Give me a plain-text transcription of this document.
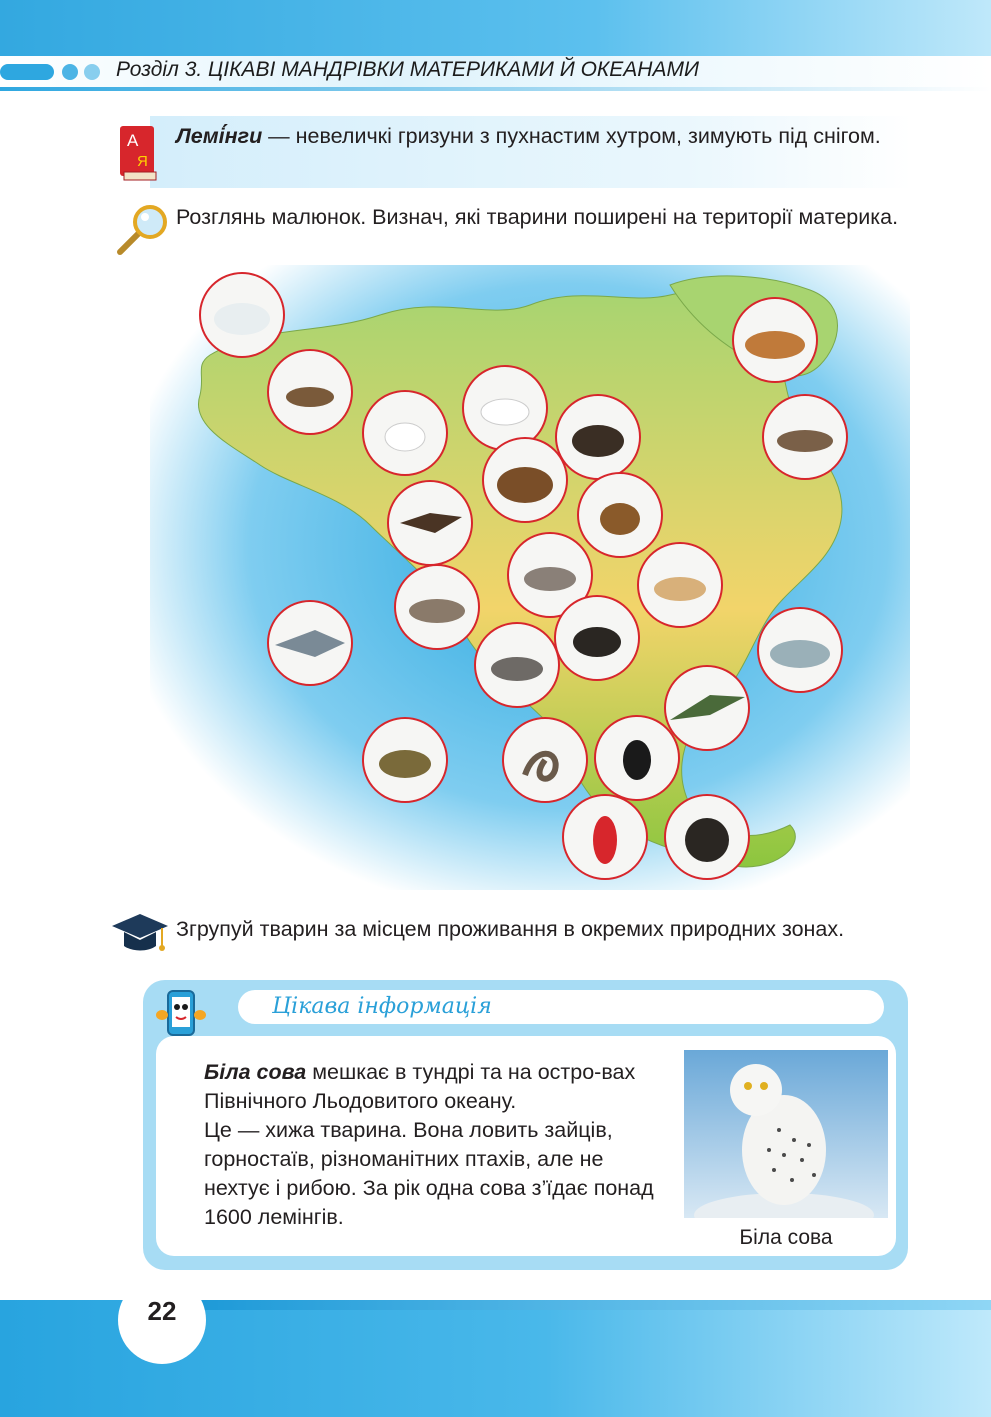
Розділ 3. ЦІКАВІ МАНДРІВКИ МАТЕРИКАМИ Й ОКЕАНАМИ

Лемі́нги — невеличкі гризуни з пухнастим хутром, зимують під снігом.

А
Я
Розглянь малюнок. Визнач, які тварини поширені на території материка.
Згрупуй тварин за місцем проживання в окремих природних зонах.
Цікава інформація

Біла сова мешкає в тундрі та на остро-вах Північного Льодовитого океану.

Це — хижа тварина. Вона ловить зайців, горностаїв, різноманітних птахів, але не нехтує і рибою. За рік одна сова з’їдає понад 1600 лемінгів.

Біла сова
22
